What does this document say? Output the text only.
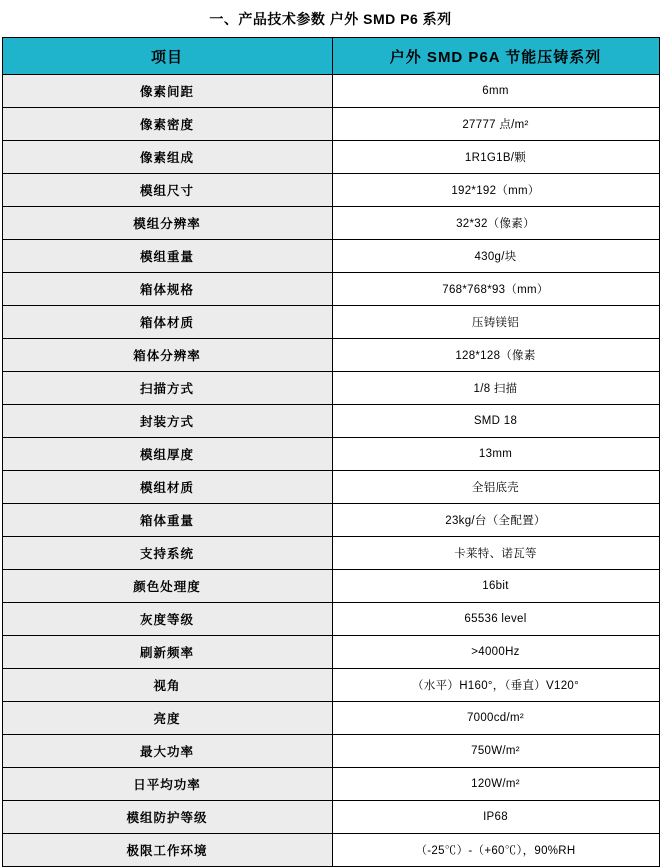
一、产品技术参数 户外 SMD P6 系列
项目	户外 SMD P6A 节能压铸系列
像素间距	6mm
像素密度	27777 点/m²
像素组成	1R1G1B/颗
模组尺寸	192*192（mm）
模组分辨率	32*32（像素）
模组重量	430g/块
箱体规格	768*768*93（mm）
箱体材质	压铸镁铝
箱体分辨率	128*128（像素
扫描方式	1/8 扫描
封装方式	SMD 18
模组厚度	13mm
模组材质	全铝底壳
箱体重量	23kg/台（全配置）
支持系统	卡莱特、诺瓦等
颜色处理度	16bit
灰度等级	65536 level
刷新频率	>4000Hz
视角	（水平）H160°，（垂直）V120°
亮度	7000cd/m²
最大功率	750W/m²
日平均功率	120W/m²
模组防护等级	IP68
极限工作环境	（-25℃）-（+60℃），90%RH
